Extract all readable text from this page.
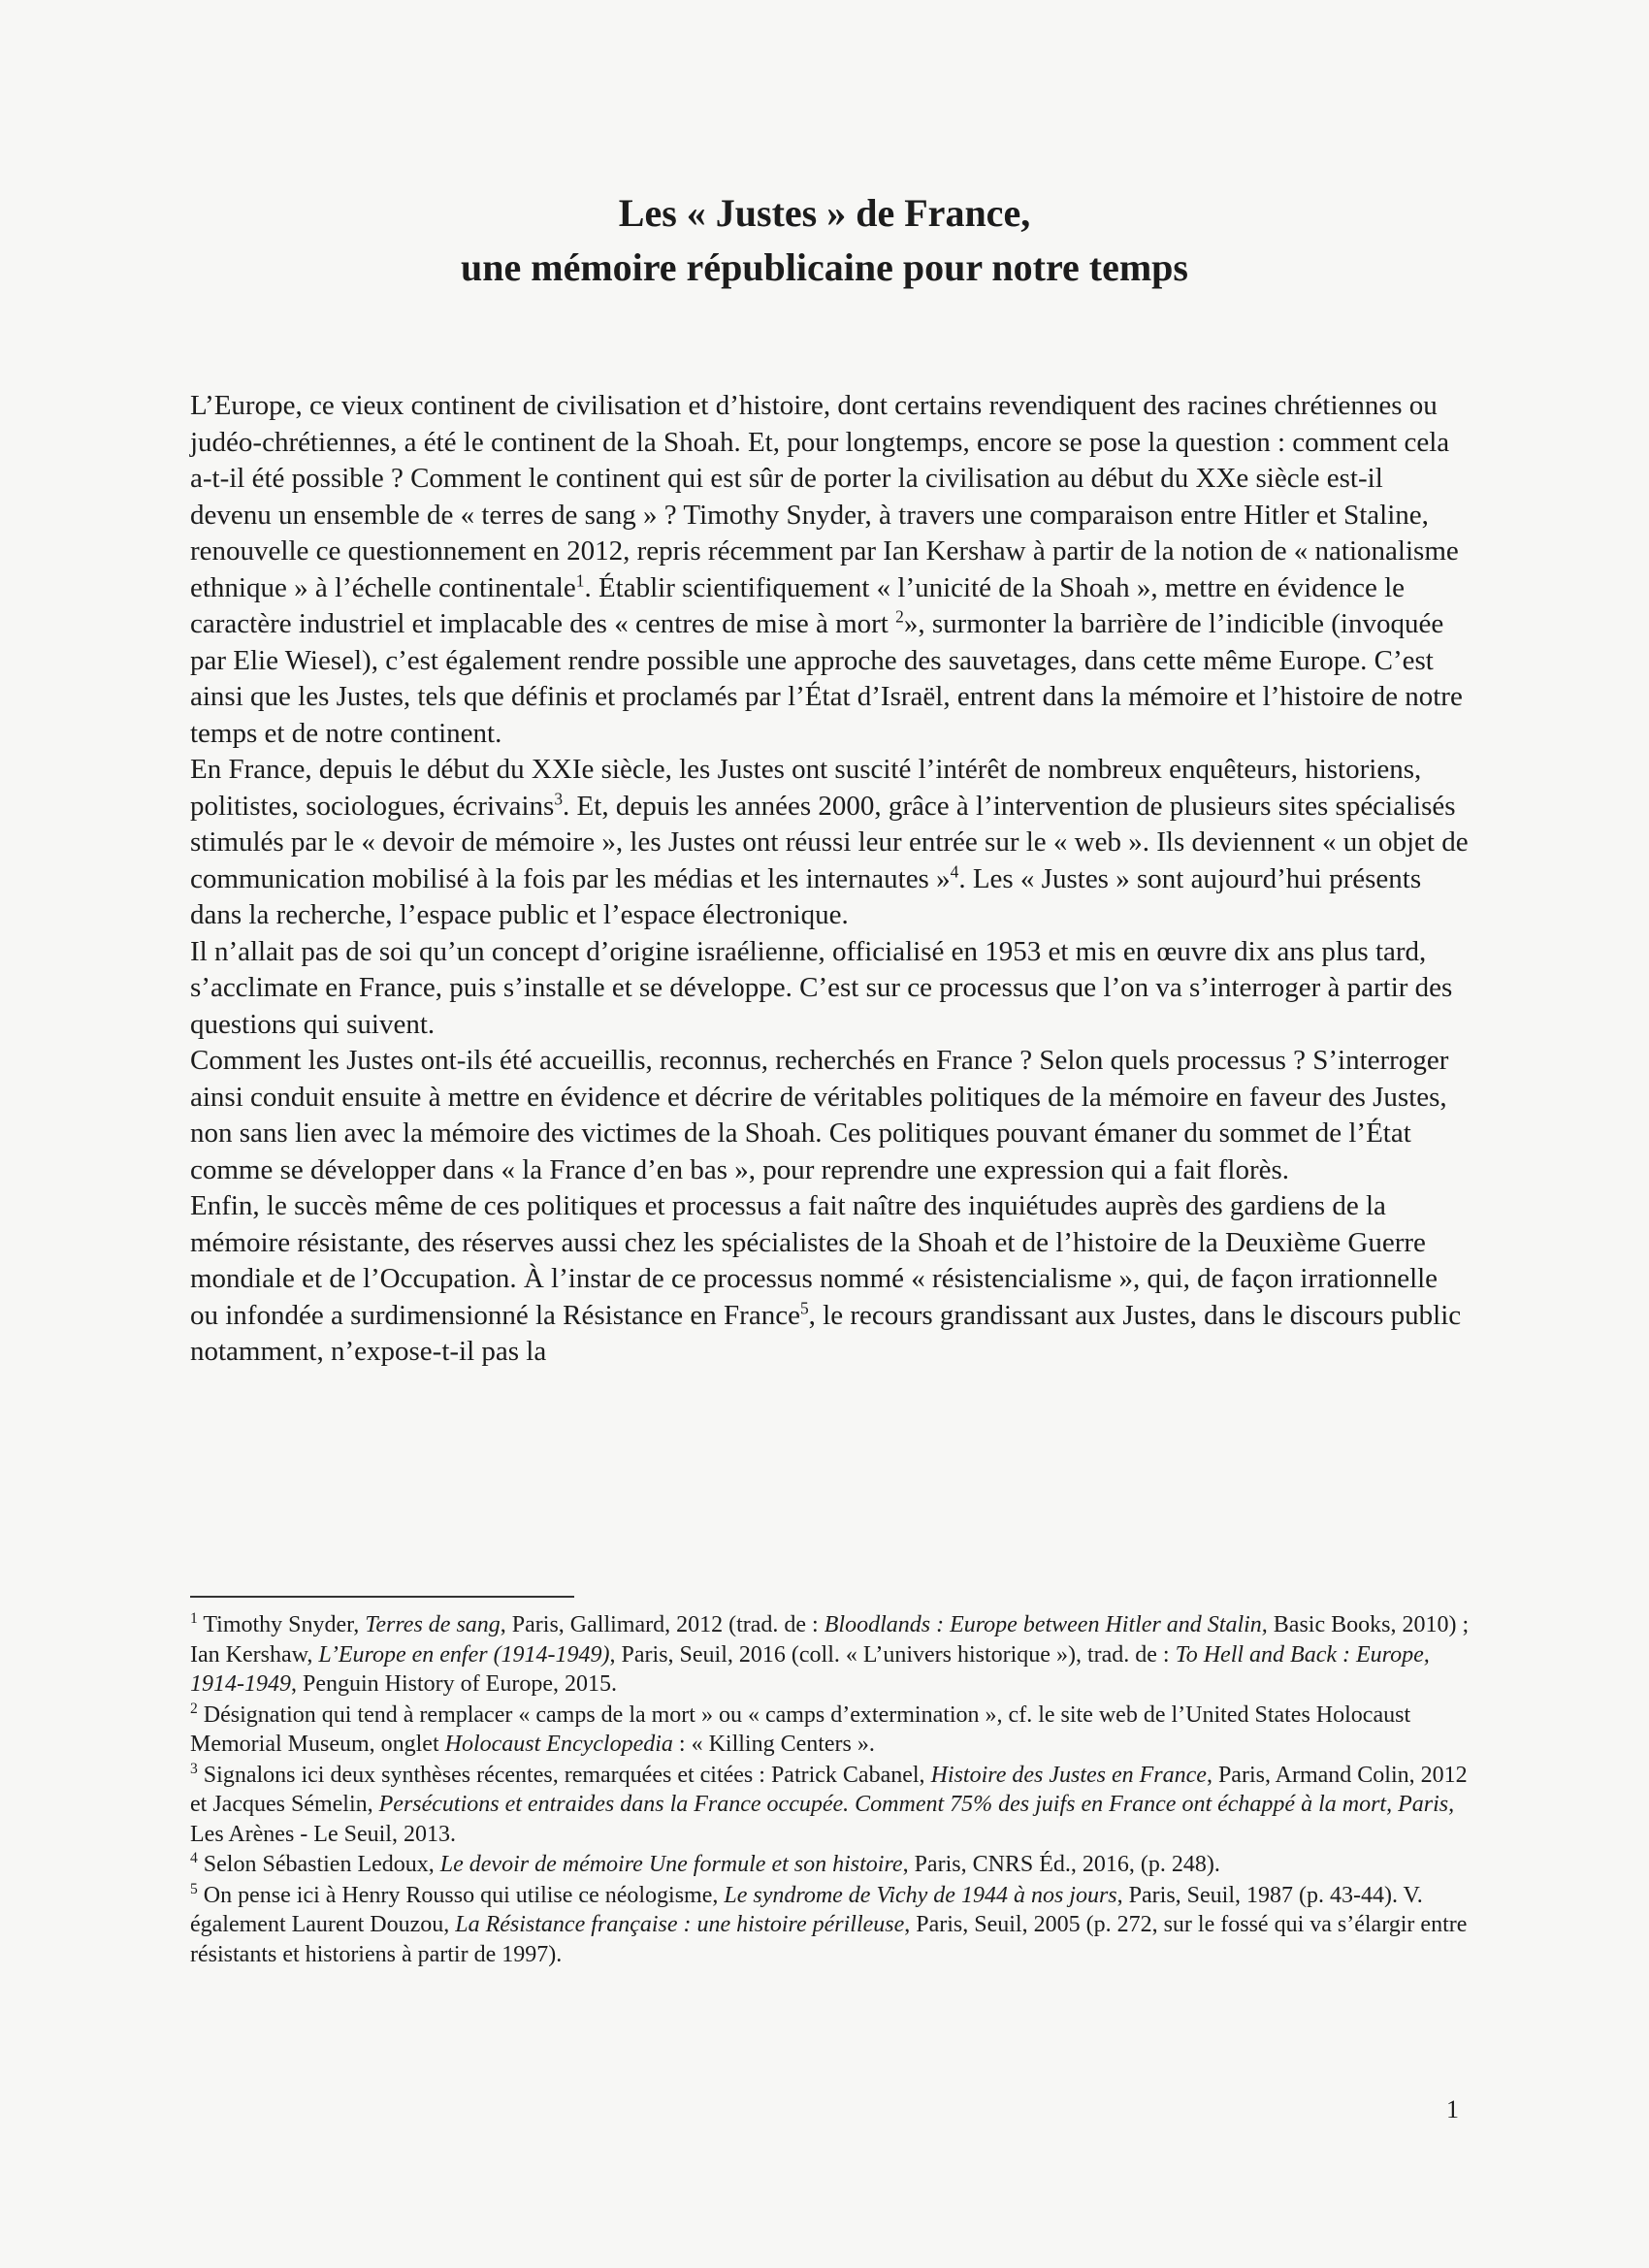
Les « Justes » de France,

une mémoire républicaine pour notre temps

L’Europe, ce vieux continent de civilisation et d’histoire, dont certains revendiquent des racines chrétiennes ou judéo-chrétiennes, a été le continent de la Shoah. Et, pour longtemps, encore se pose la question : comment cela a-t-il été possible ? Comment le continent qui est sûr de porter la civilisation au début du XXe siècle est-il devenu un ensemble de « terres de sang » ? Timothy Snyder, à travers une comparaison entre Hitler et Staline, renouvelle ce questionnement en 2012, repris récemment par Ian Kershaw à partir de la notion de « nationalisme ethnique » à l’échelle continentale$^1$. Établir scientifiquement « l’unicité de la Shoah », mettre en évidence le caractère industriel et implacable des « centres de mise à mort $^2$», surmonter la barrière de l’indicible (invoquée par Elie Wiesel), c’est également rendre possible une approche des sauvetages, dans cette même Europe. C’est ainsi que les Justes, tels que définis et proclamés par l’État d’Israël, entrent dans la mémoire et l’histoire de notre temps et de notre continent.

En France, depuis le début du XXIe siècle, les Justes ont suscité l’intérêt de nombreux enquêteurs, historiens, politistes, sociologues, écrivains$^3$. Et, depuis les années 2000, grâce à l’intervention de plusieurs sites spécialisés stimulés par le « devoir de mémoire », les Justes ont réussi leur entrée sur le « web ». Ils deviennent « un objet de communication mobilisé à la fois par les médias et les internautes »$^4$. Les « Justes » sont aujourd’hui présents dans la recherche, l’espace public et l’espace électronique.

Il n’allait pas de soi qu’un concept d’origine israélienne, officialisé en 1953 et mis en œuvre dix ans plus tard, s’acclimate en France, puis s’installe et se développe. C’est sur ce processus que l’on va s’interroger à partir des questions qui suivent.

Comment les Justes ont-ils été accueillis, reconnus, recherchés en France ? Selon quels processus ? S’interroger ainsi conduit ensuite à mettre en évidence et décrire de véritables politiques de la mémoire en faveur des Justes, non sans lien avec la mémoire des victimes de la Shoah. Ces politiques pouvant émaner du sommet de l’État comme se développer dans « la France d’en bas », pour reprendre une expression qui a fait florès.

Enfin, le succès même de ces politiques et processus a fait naître des inquiétudes auprès des gardiens de la mémoire résistante, des réserves aussi chez les spécialistes de la Shoah et de l’histoire de la Deuxième Guerre mondiale et de l’Occupation. À l’instar de ce processus nommé « résistencialisme », qui, de façon irrationnelle ou infondée a surdimensionné la Résistance en France$^5$, le recours grandissant aux Justes, dans le discours public notamment, n’expose-t-il pas la

$^1$ Timothy Snyder, Terres de sang, Paris, Gallimard, 2012 (trad. de : Bloodlands : Europe between Hitler and Stalin, Basic Books, 2010) ; Ian Kershaw, L’Europe en enfer (1914-1949), Paris, Seuil, 2016 (coll. « L’univers historique »), trad. de : To Hell and Back : Europe, 1914-1949, Penguin History of Europe, 2015.

$^2$ Désignation qui tend à remplacer « camps de la mort » ou « camps d’extermination », cf. le site web de l’United States Holocaust Memorial Museum, onglet Holocaust Encyclopedia : « Killing Centers ».

$^3$ Signalons ici deux synthèses récentes, remarquées et citées : Patrick Cabanel, Histoire des Justes en France, Paris, Armand Colin, 2012 et Jacques Sémelin, Persécutions et entraides dans la France occupée. Comment 75% des juifs en France ont échappé à la mort, Paris, Les Arènes - Le Seuil, 2013.

$^4$ Selon Sébastien Ledoux, Le devoir de mémoire Une formule et son histoire, Paris, CNRS Éd., 2016, (p. 248).

$^5$ On pense ici à Henry Rousso qui utilise ce néologisme, Le syndrome de Vichy de 1944 à nos jours, Paris, Seuil, 1987 (p. 43-44). V. également Laurent Douzou, La Résistance française : une histoire périlleuse, Paris, Seuil, 2005 (p. 272, sur le fossé qui va s’élargir entre résistants et historiens à partir de 1997).

1
